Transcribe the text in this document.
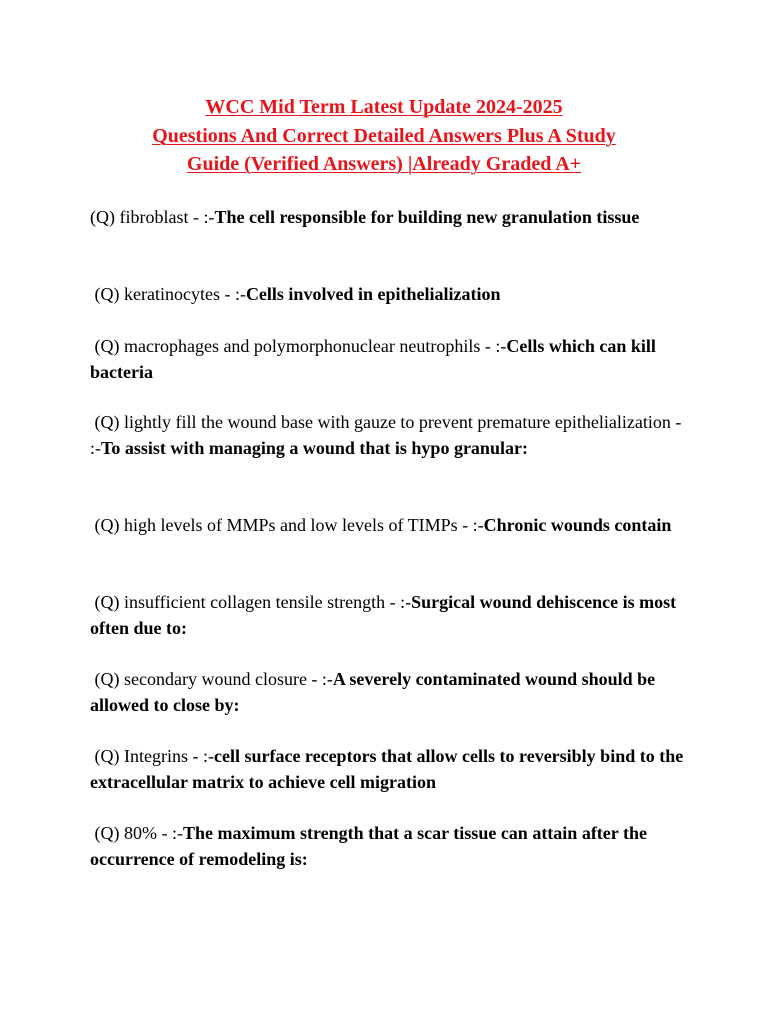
WCC Mid Term Latest Update 2024-2025
Questions And Correct Detailed Answers Plus A Study
Guide (Verified Answers) |Already Graded A+
(Q) fibroblast - :-The cell responsible for building new granulation tissue
(Q) keratinocytes - :-Cells involved in epithelialization
(Q) macrophages and polymorphonuclear neutrophils - :-Cells which can kill bacteria
(Q) lightly fill the wound base with gauze to prevent premature epithelialization - :-To assist with managing a wound that is hypo granular:
(Q) high levels of MMPs and low levels of TIMPs - :-Chronic wounds contain
(Q) insufficient collagen tensile strength - :-Surgical wound dehiscence is most often due to:
(Q) secondary wound closure - :-A severely contaminated wound should be allowed to close by:
(Q) Integrins - :-cell surface receptors that allow cells to reversibly bind to the extracellular matrix to achieve cell migration
(Q) 80% - :-The maximum strength that a scar tissue can attain after the occurrence of remodeling is:
